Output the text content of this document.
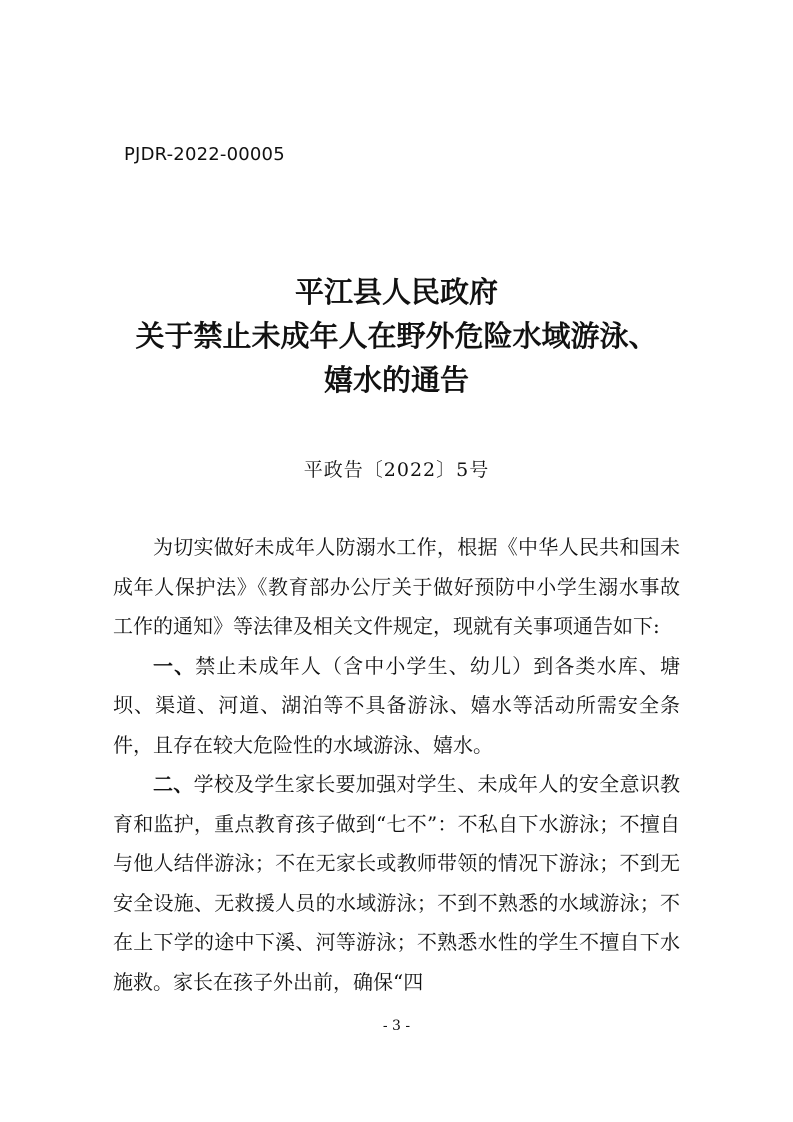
PJDR-2022-00005
平江县人民政府
关于禁止未成年人在野外危险水域游泳、
嬉水的通告
平政告〔2022〕5号

为切实做好未成年人防溺水工作，根据《中华人民共和国未成年人保护法》《教育部办公厅关于做好预防中小学生溺水事故工作的通知》等法律及相关文件规定，现就有关事项通告如下:

一、禁止未成年人（含中小学生、幼儿）到各类水库、塘坝、渠道、河道、湖泊等不具备游泳、嬉水等活动所需安全条件，且存在较大危险性的水域游泳、嬉水。

二、学校及学生家长要加强对学生、未成年人的安全意识教育和监护，重点教育孩子做到“七不”：不私自下水游泳；不擅自与他人结伴游泳；不在无家长或教师带领的情况下游泳；不到无安全设施、无救援人员的水域游泳；不到不熟悉的水域游泳；不在上下学的途中下溪、河等游泳；不熟悉水性的学生不擅自下水施救。家长在孩子外出前，确保“四

- 3 -
